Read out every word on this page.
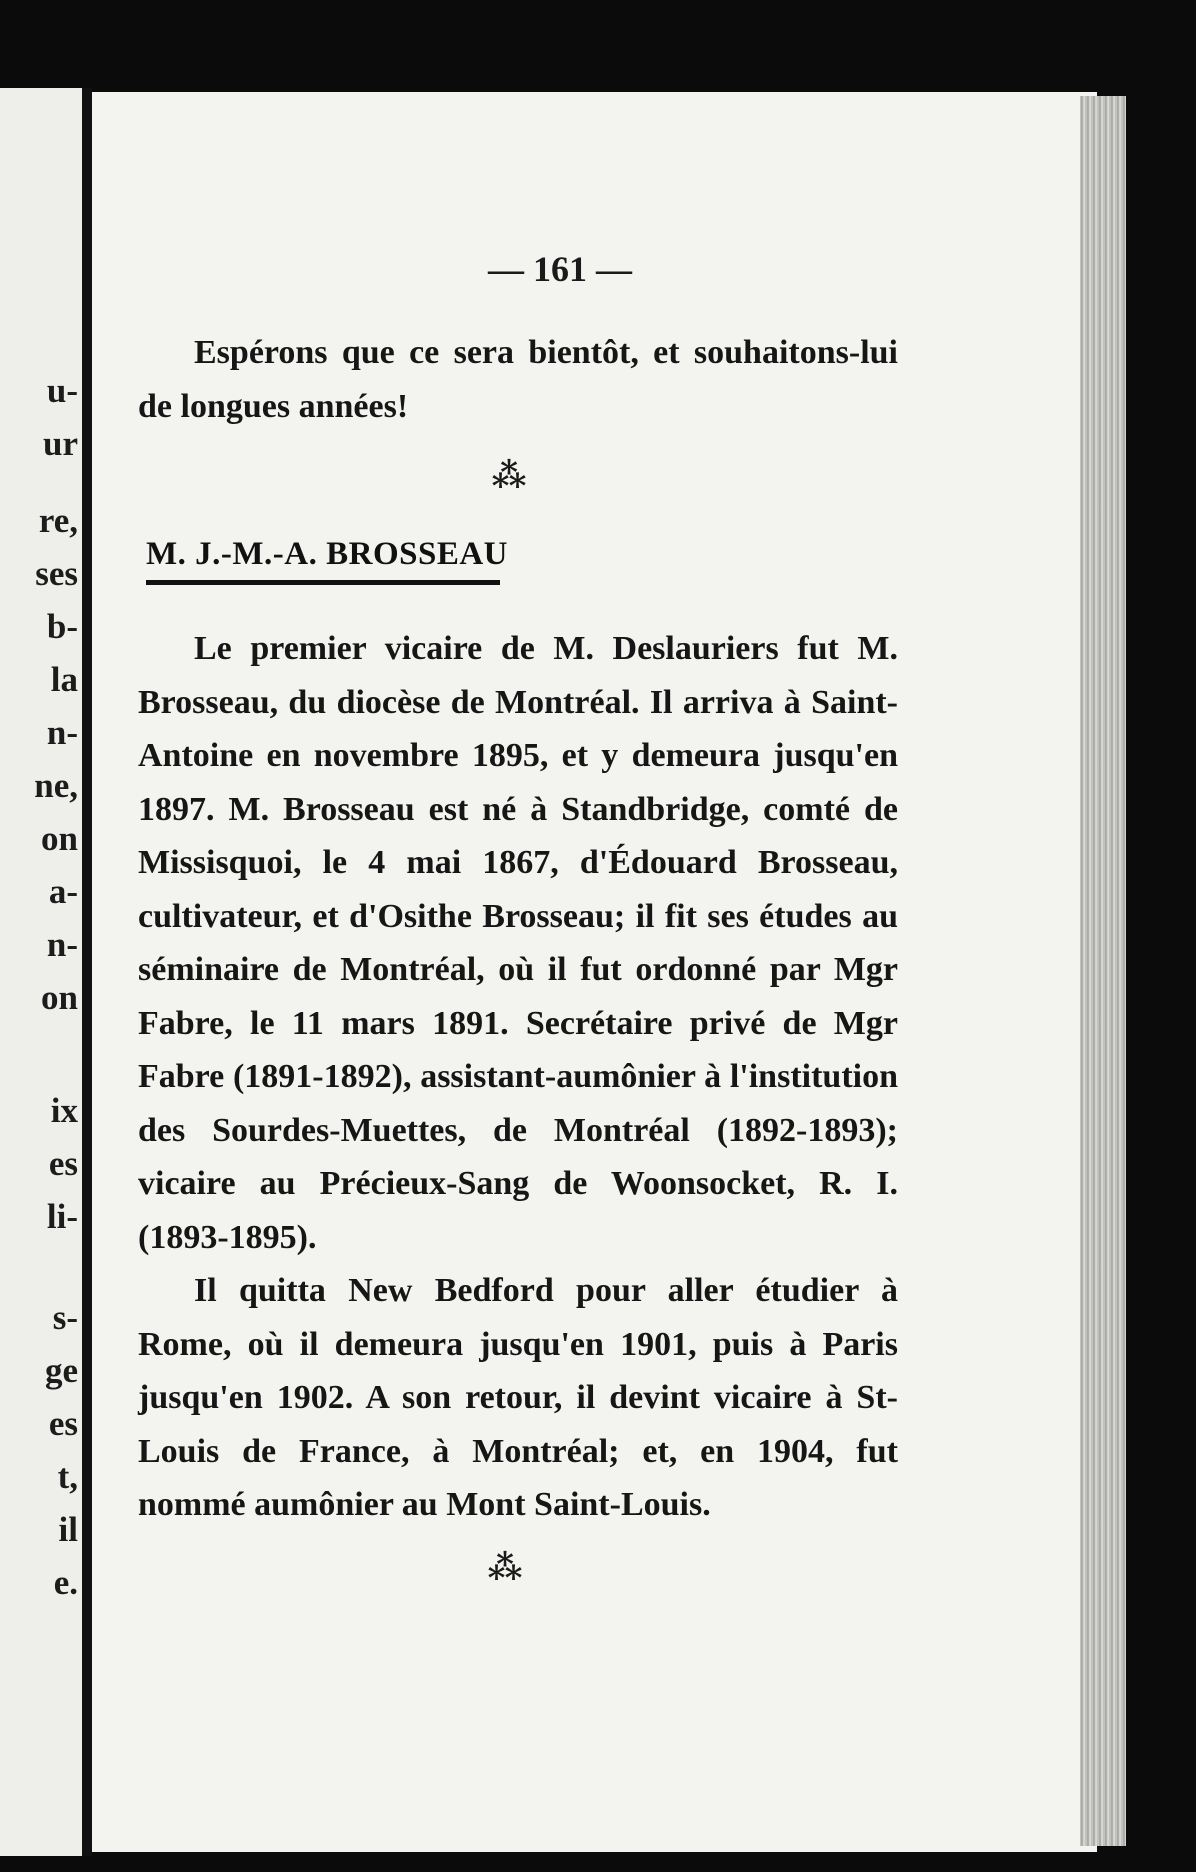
u-
ur
re,
ses
b-
la
n-
ne,
on
a-
n-
on
ix
es
li-
s-
ge
es
t,
il
e.
— 161 —

Espérons que ce sera bientôt, et souhaitons-lui de longues années!

⁂
M. J.-M.-A. BROSSEAU

Le premier vicaire de M. Deslauriers fut M. Brosseau, du diocèse de Montréal. Il arriva à Saint-Antoine en novembre 1895, et y demeura jusqu'en 1897. M. Brosseau est né à Standbridge, comté de Missisquoi, le 4 mai 1867, d'Édouard Brosseau, cultivateur, et d'Osithe Brosseau; il fit ses études au séminaire de Montréal, où il fut ordonné par Mgr Fabre, le 11 mars 1891. Secrétaire privé de Mgr Fabre (1891-1892), assistant-aumônier à l'institution des Sourdes-Muettes, de Montréal (1892-1893); vicaire au Précieux-Sang de Woonsocket, R. I. (1893-1895).

Il quitta New Bedford pour aller étudier à Rome, où il demeura jusqu'en 1901, puis à Paris jusqu'en 1902. A son retour, il devint vicaire à St-Louis de France, à Montréal; et, en 1904, fut nommé aumônier au Mont Saint-Louis.

⁂
